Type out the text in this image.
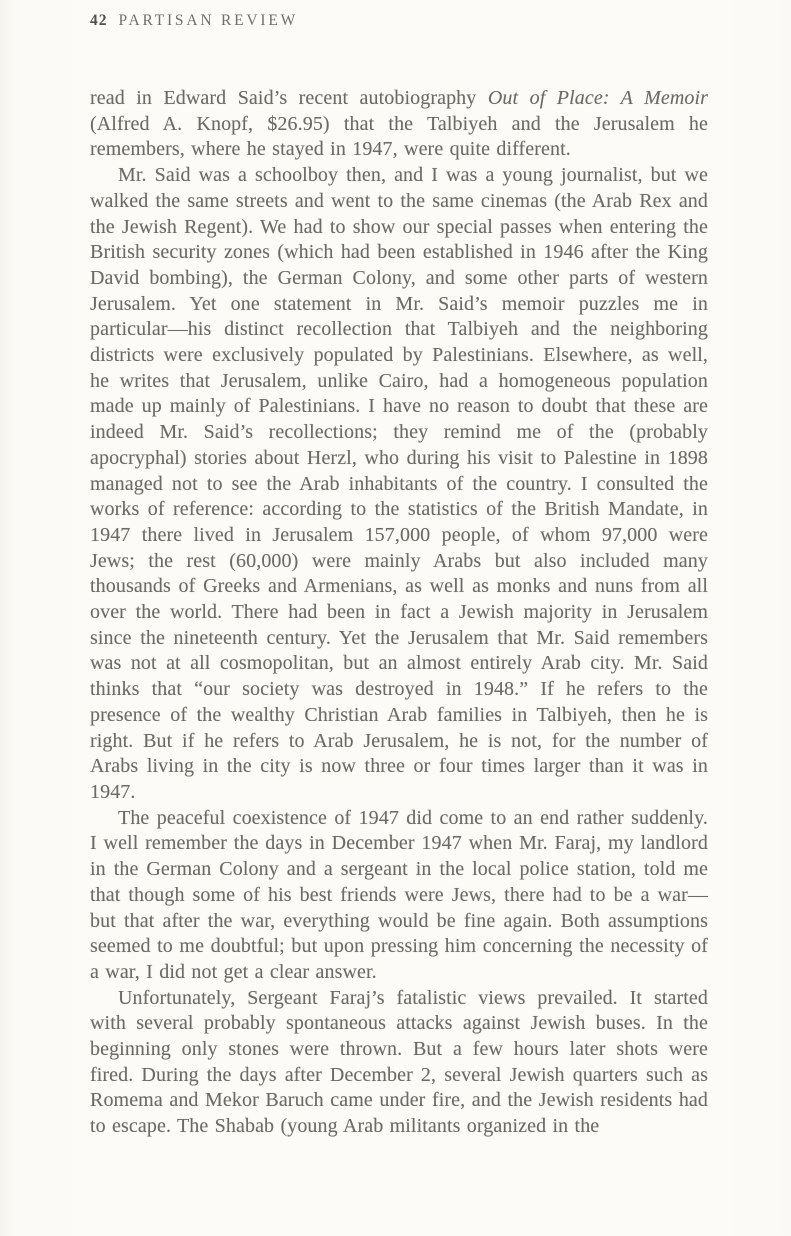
42 PARTISAN REVIEW

read in Edward Said’s recent autobiography Out of Place: A Memoir (Alfred A. Knopf, $26.95) that the Talbiyeh and the Jerusalem he remembers, where he stayed in 1947, were quite different.

Mr. Said was a schoolboy then, and I was a young journalist, but we walked the same streets and went to the same cinemas (the Arab Rex and the Jewish Regent). We had to show our special passes when entering the British security zones (which had been established in 1946 after the King David bombing), the German Colony, and some other parts of western Jerusalem. Yet one statement in Mr. Said’s memoir puzzles me in particular—his distinct recollection that Talbiyeh and the neighboring districts were exclusively populated by Palestinians. Elsewhere, as well, he writes that Jerusalem, unlike Cairo, had a homogeneous population made up mainly of Palestinians. I have no reason to doubt that these are indeed Mr. Said’s recollections; they remind me of the (probably apocryphal) stories about Herzl, who during his visit to Palestine in 1898 managed not to see the Arab inhabitants of the country. I consulted the works of reference: according to the statistics of the British Mandate, in 1947 there lived in Jerusalem 157,000 people, of whom 97,000 were Jews; the rest (60,000) were mainly Arabs but also included many thousands of Greeks and Armenians, as well as monks and nuns from all over the world. There had been in fact a Jewish majority in Jerusalem since the nineteenth century. Yet the Jerusalem that Mr. Said remembers was not at all cosmopolitan, but an almost entirely Arab city. Mr. Said thinks that “our society was destroyed in 1948.” If he refers to the presence of the wealthy Christian Arab families in Talbiyeh, then he is right. But if he refers to Arab Jerusalem, he is not, for the number of Arabs living in the city is now three or four times larger than it was in 1947.

The peaceful coexistence of 1947 did come to an end rather suddenly. I well remember the days in December 1947 when Mr. Faraj, my landlord in the German Colony and a sergeant in the local police station, told me that though some of his best friends were Jews, there had to be a war—but that after the war, everything would be fine again. Both assumptions seemed to me doubtful; but upon pressing him concerning the necessity of a war, I did not get a clear answer.

Unfortunately, Sergeant Faraj’s fatalistic views prevailed. It started with several probably spontaneous attacks against Jewish buses. In the beginning only stones were thrown. But a few hours later shots were fired. During the days after December 2, several Jewish quarters such as Romema and Mekor Baruch came under fire, and the Jewish residents had to escape. The Shabab (young Arab militants organized in the
